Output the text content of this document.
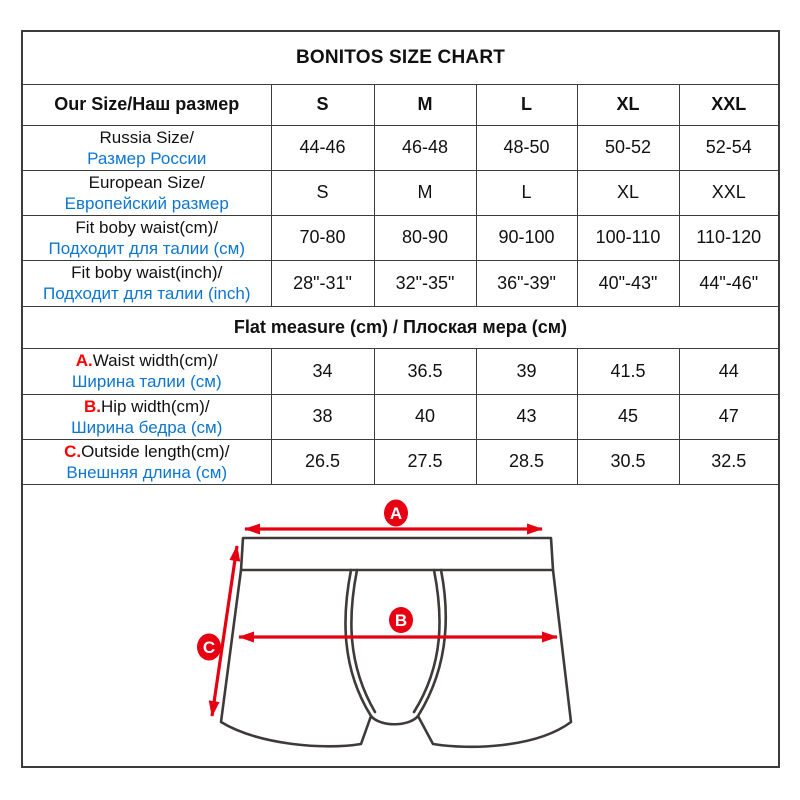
BONITOS SIZE CHART					
Our Size/Наш размер	S	M	L	XL	XXL

Russia Size/
Размер России	44-46	46-48	48-50	50-52	52-54

European Size/
Европейский размер	S	M	L	XL	XXL

Fit boby waist(cm)/
Подходит для талии (см)	70-80	80-90	90-100	100-110	110-120

Fit boby waist(inch)/
Подходит для талии (inch)	28"-31"	32"-35"	36"-39"	40"-43"	44"-46"
Flat measure (cm) / Плоская мера (см)					

A.Waist width(cm)/
Ширина талии (см)	34	36.5	39	41.5	44

B.Hip width(cm)/
Ширина бедра (см)	38	40	43	45	47

C.Outside length(cm)/
Внешняя длина (см)	26.5	27.5	28.5	30.5	32.5

A
B
C					
